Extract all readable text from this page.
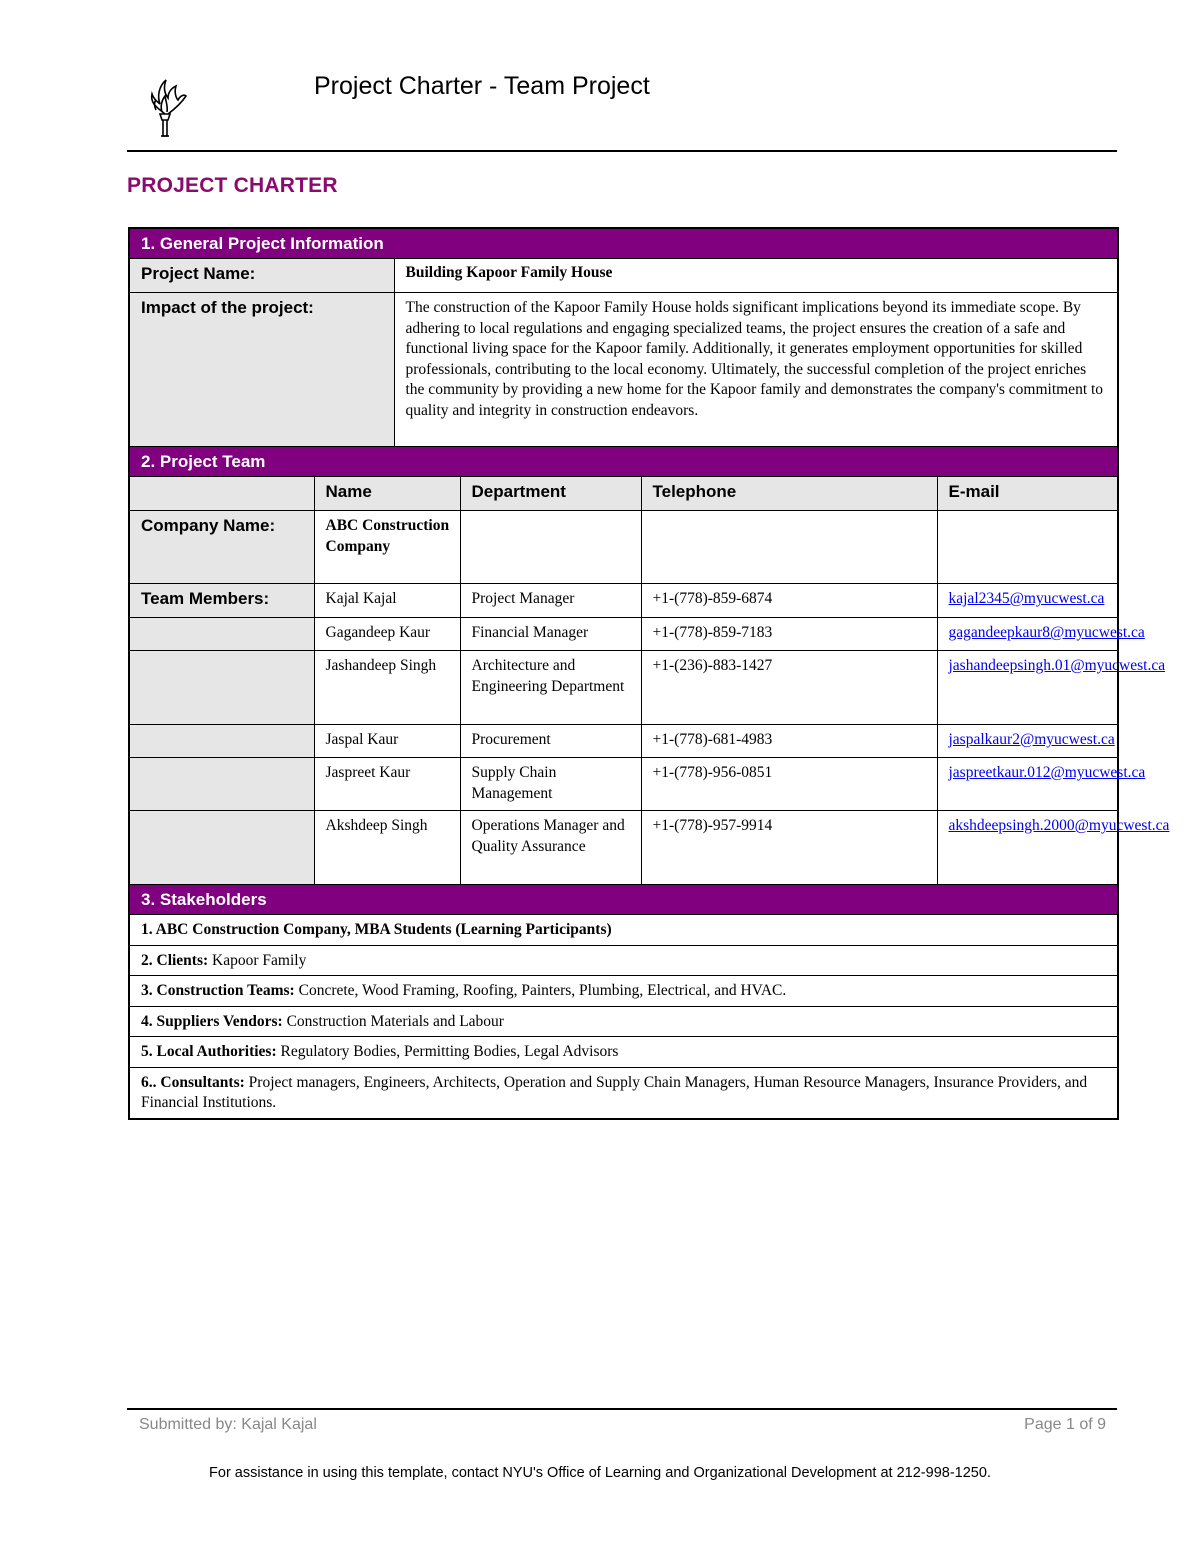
Project Charter - Team Project
PROJECT CHARTER
1. General Project Information					
Project Name:		Building Kapoor Family House			
Impact of the project:		The construction of the Kapoor Family House holds significant implications beyond its immediate scope. By adhering to local regulations and engaging specialized teams, the project ensures the creation of a safe and functional living space for the Kapoor family. Additionally, it generates employment opportunities for skilled professionals, contributing to the local economy. Ultimately, the successful completion of the project enriches the community by providing a new home for the Kapoor family and demonstrates the company's commitment to quality and integrity in construction endeavors.			
2. Project Team					
	Name		Department	Telephone	E-mail
Company Name:	ABC Construction Company				
Team Members:	Kajal Kajal		Project Manager	+1-(778)-859-6874	kajal2345@myucwest.ca
	Gagandeep Kaur		Financial Manager	+1-(778)-859-7183	gagandeepkaur8@myucwest.ca
	Jashandeep Singh		Architecture and Engineering Department	+1-(236)-883-1427	jashandeepsingh.01@myucwest.ca
	Jaspal Kaur		Procurement	+1-(778)-681-4983	jaspalkaur2@myucwest.ca
	Jaspreet Kaur		Supply Chain Management	+1-(778)-956-0851	jaspreetkaur.012@myucwest.ca
	Akshdeep Singh		Operations Manager and Quality Assurance	+1-(778)-957-9914	akshdeepsingh.2000@myucwest.ca
3. Stakeholders					
1. ABC Construction Company, MBA Students (Learning Participants)					
2. Clients: Kapoor Family					
3. Construction Teams: Concrete, Wood Framing, Roofing, Painters, Plumbing, Electrical, and HVAC.					
4. Suppliers Vendors: Construction Materials and Labour					
5. Local Authorities: Regulatory Bodies, Permitting Bodies, Legal Advisors					
6.. Consultants: Project managers, Engineers, Architects, Operation and Supply Chain Managers, Human Resource Managers, Insurance Providers, and Financial Institutions.					
Submitted by: Kajal Kajal	Page 1 of 9
For assistance in using this template, contact NYU's Office of Learning and Organizational Development at 212-998-1250.
